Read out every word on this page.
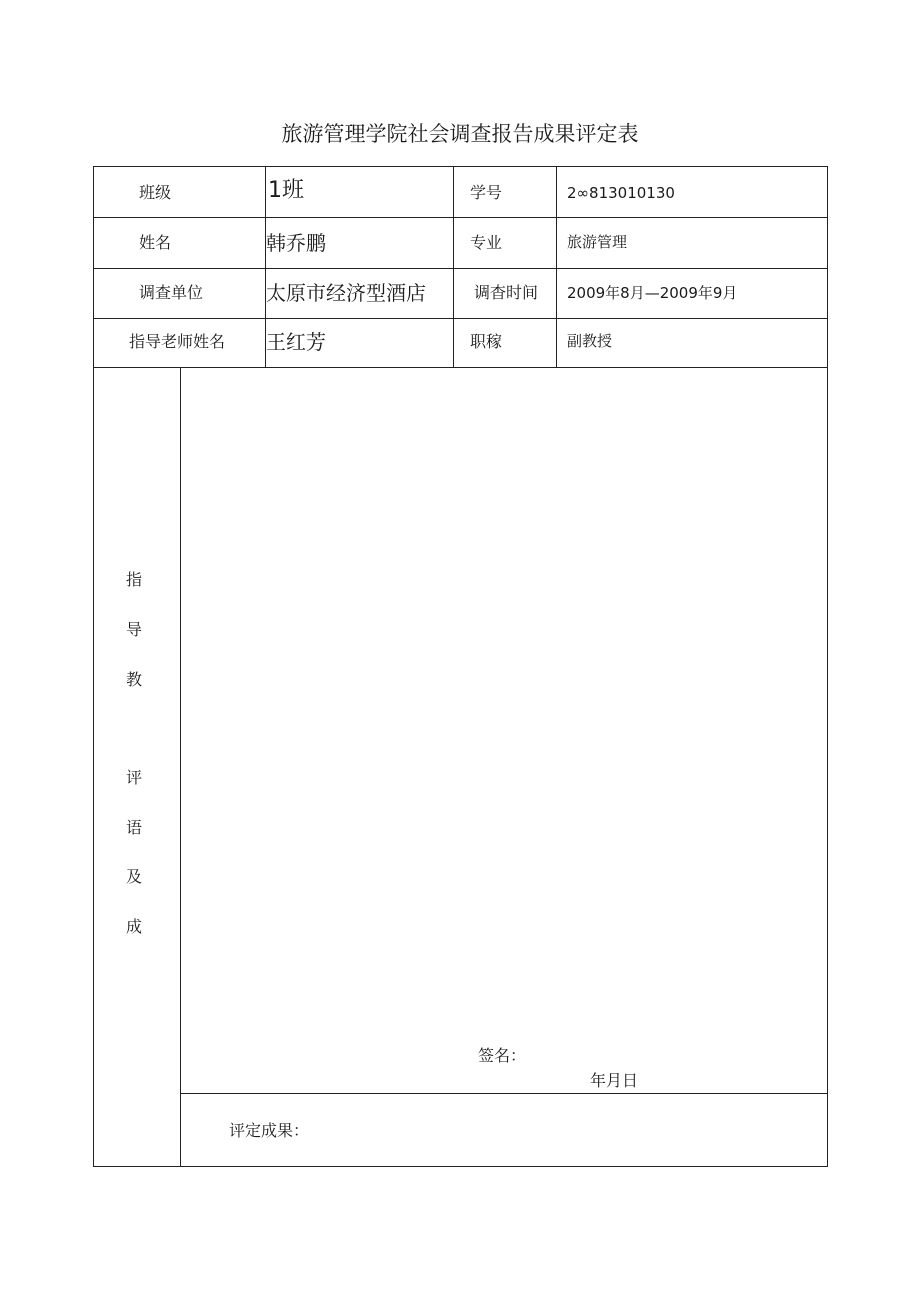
旅游管理学院社会调查报告成果评定表
班级	1班	学号	2∞813010130
姓名	韩乔鹏	专业	旅游管理
调查单位	太原市经济型酒店	调杳时间 2009年8月—2009年9月
指导老师姓名 王红芳	职稼	副教授
指
导
教
评
语
及
成
签名：
年月日
评定成果：
